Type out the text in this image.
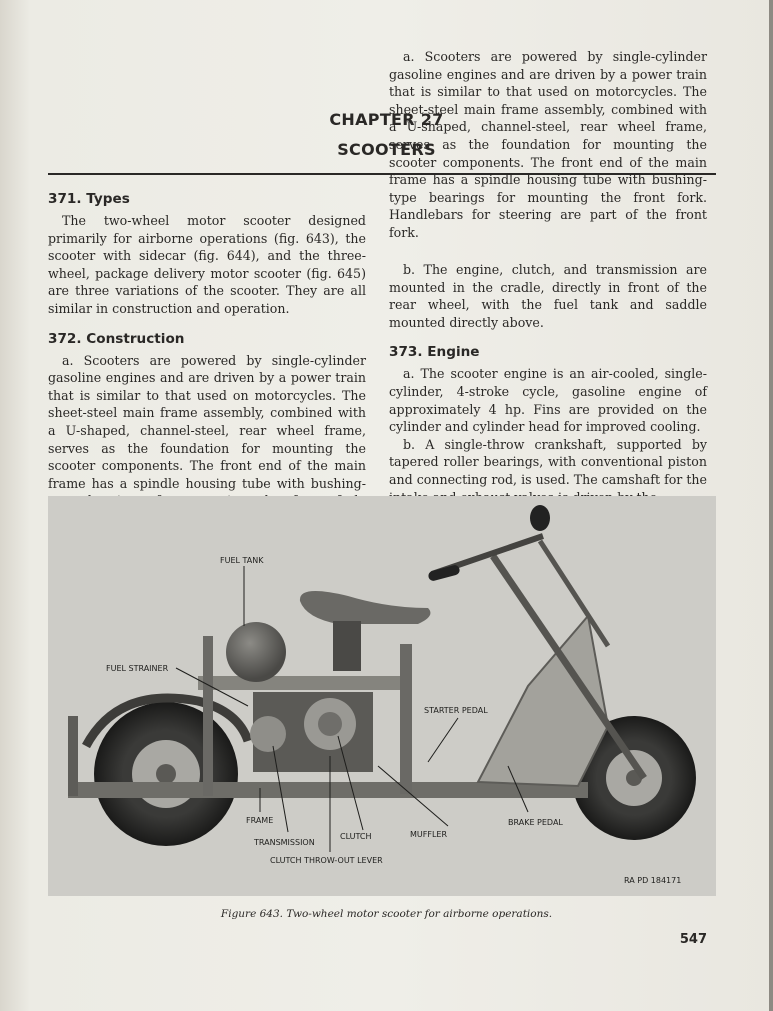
CHAPTER 27
SCOOTERS
371. Types

The two-wheel motor scooter designed primarily for airborne operations (fig. 643), the scooter with sidecar (fig. 644), and the three-wheel, package delivery motor scooter (fig. 645) are three variations of the scooter. They are all similar in construction and operation.

372. Construction

a. Scooters are powered by single-cylinder gasoline engines and are driven by a power train that is similar to that used on motorcycles. The sheet-steel main frame assembly, combined with a U-shaped, channel-steel, rear wheel frame, serves as the foundation for mounting the scooter components. The front end of the main frame has a spindle housing tube with bushing-

a. Scooters are powered by single-cylinder gasoline engines and are driven by a power train that is similar to that used on motorcycles. The sheet-steel main frame assembly, combined with a U-shaped, channel-steel, rear wheel frame, serves as the foundation for mounting the scooter components. The front end of the main frame has a spindle housing tube with bushing-type bearings for mounting the front fork. Handlebars for steering are part of the front fork.

b. The engine, clutch, and transmission are mounted in the cradle, directly in front of the rear wheel, with the fuel tank and saddle mounted directly above.

373. Engine

a. The scooter engine is an air-cooled, single-cylinder, 4-stroke cycle, gasoline engine of approximately 4 hp. Fins are provided on the cylinder and cylinder head for improved cooling.

b. A single-throw crankshaft, supported by tapered roller bearings, with conventional piston and connecting rod, is used. The camshaft for the

FUEL TANK
FUEL STRAINER
STARTER PEDAL
FRAME
TRANSMISSION
CLUTCH	MUFFLER
BRAKE PEDAL
CLUTCH THROW-OUT LEVER
RA PD 184171
Figure 643. Two-wheel motor scooter for airborne operations.
547
